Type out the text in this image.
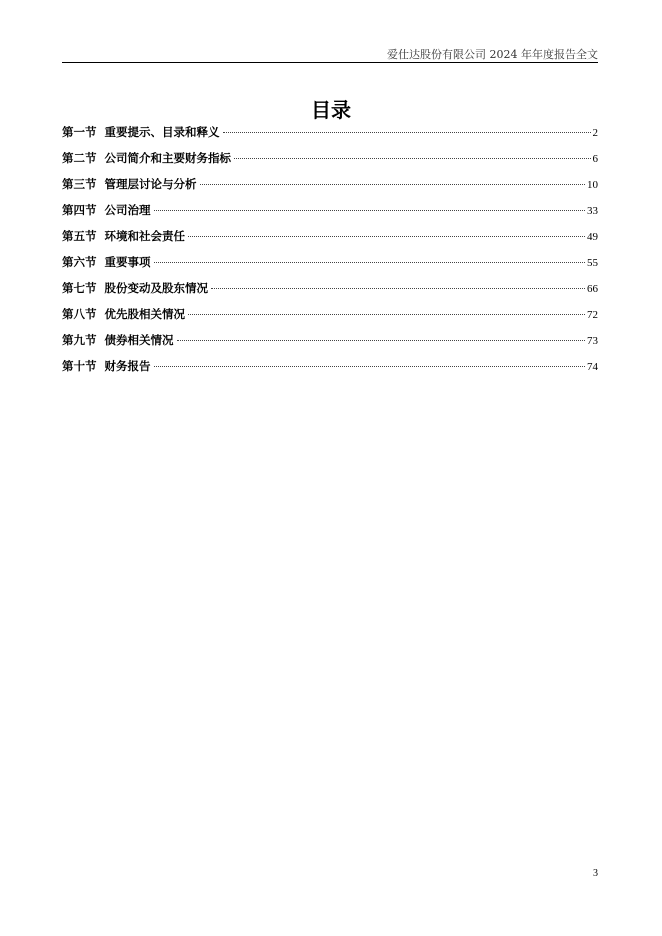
爱仕达股份有限公司 2024 年年度报告全文
目录
第一节 重要提示、目录和释义	2
第二节 公司简介和主要财务指标	6
第三节 管理层讨论与分析	10
第四节 公司治理	33
第五节 环境和社会责任	49
第六节 重要事项	55
第七节 股份变动及股东情况	66
第八节 优先股相关情况	72
第九节 债券相关情况	73
第十节 财务报告	74
3
